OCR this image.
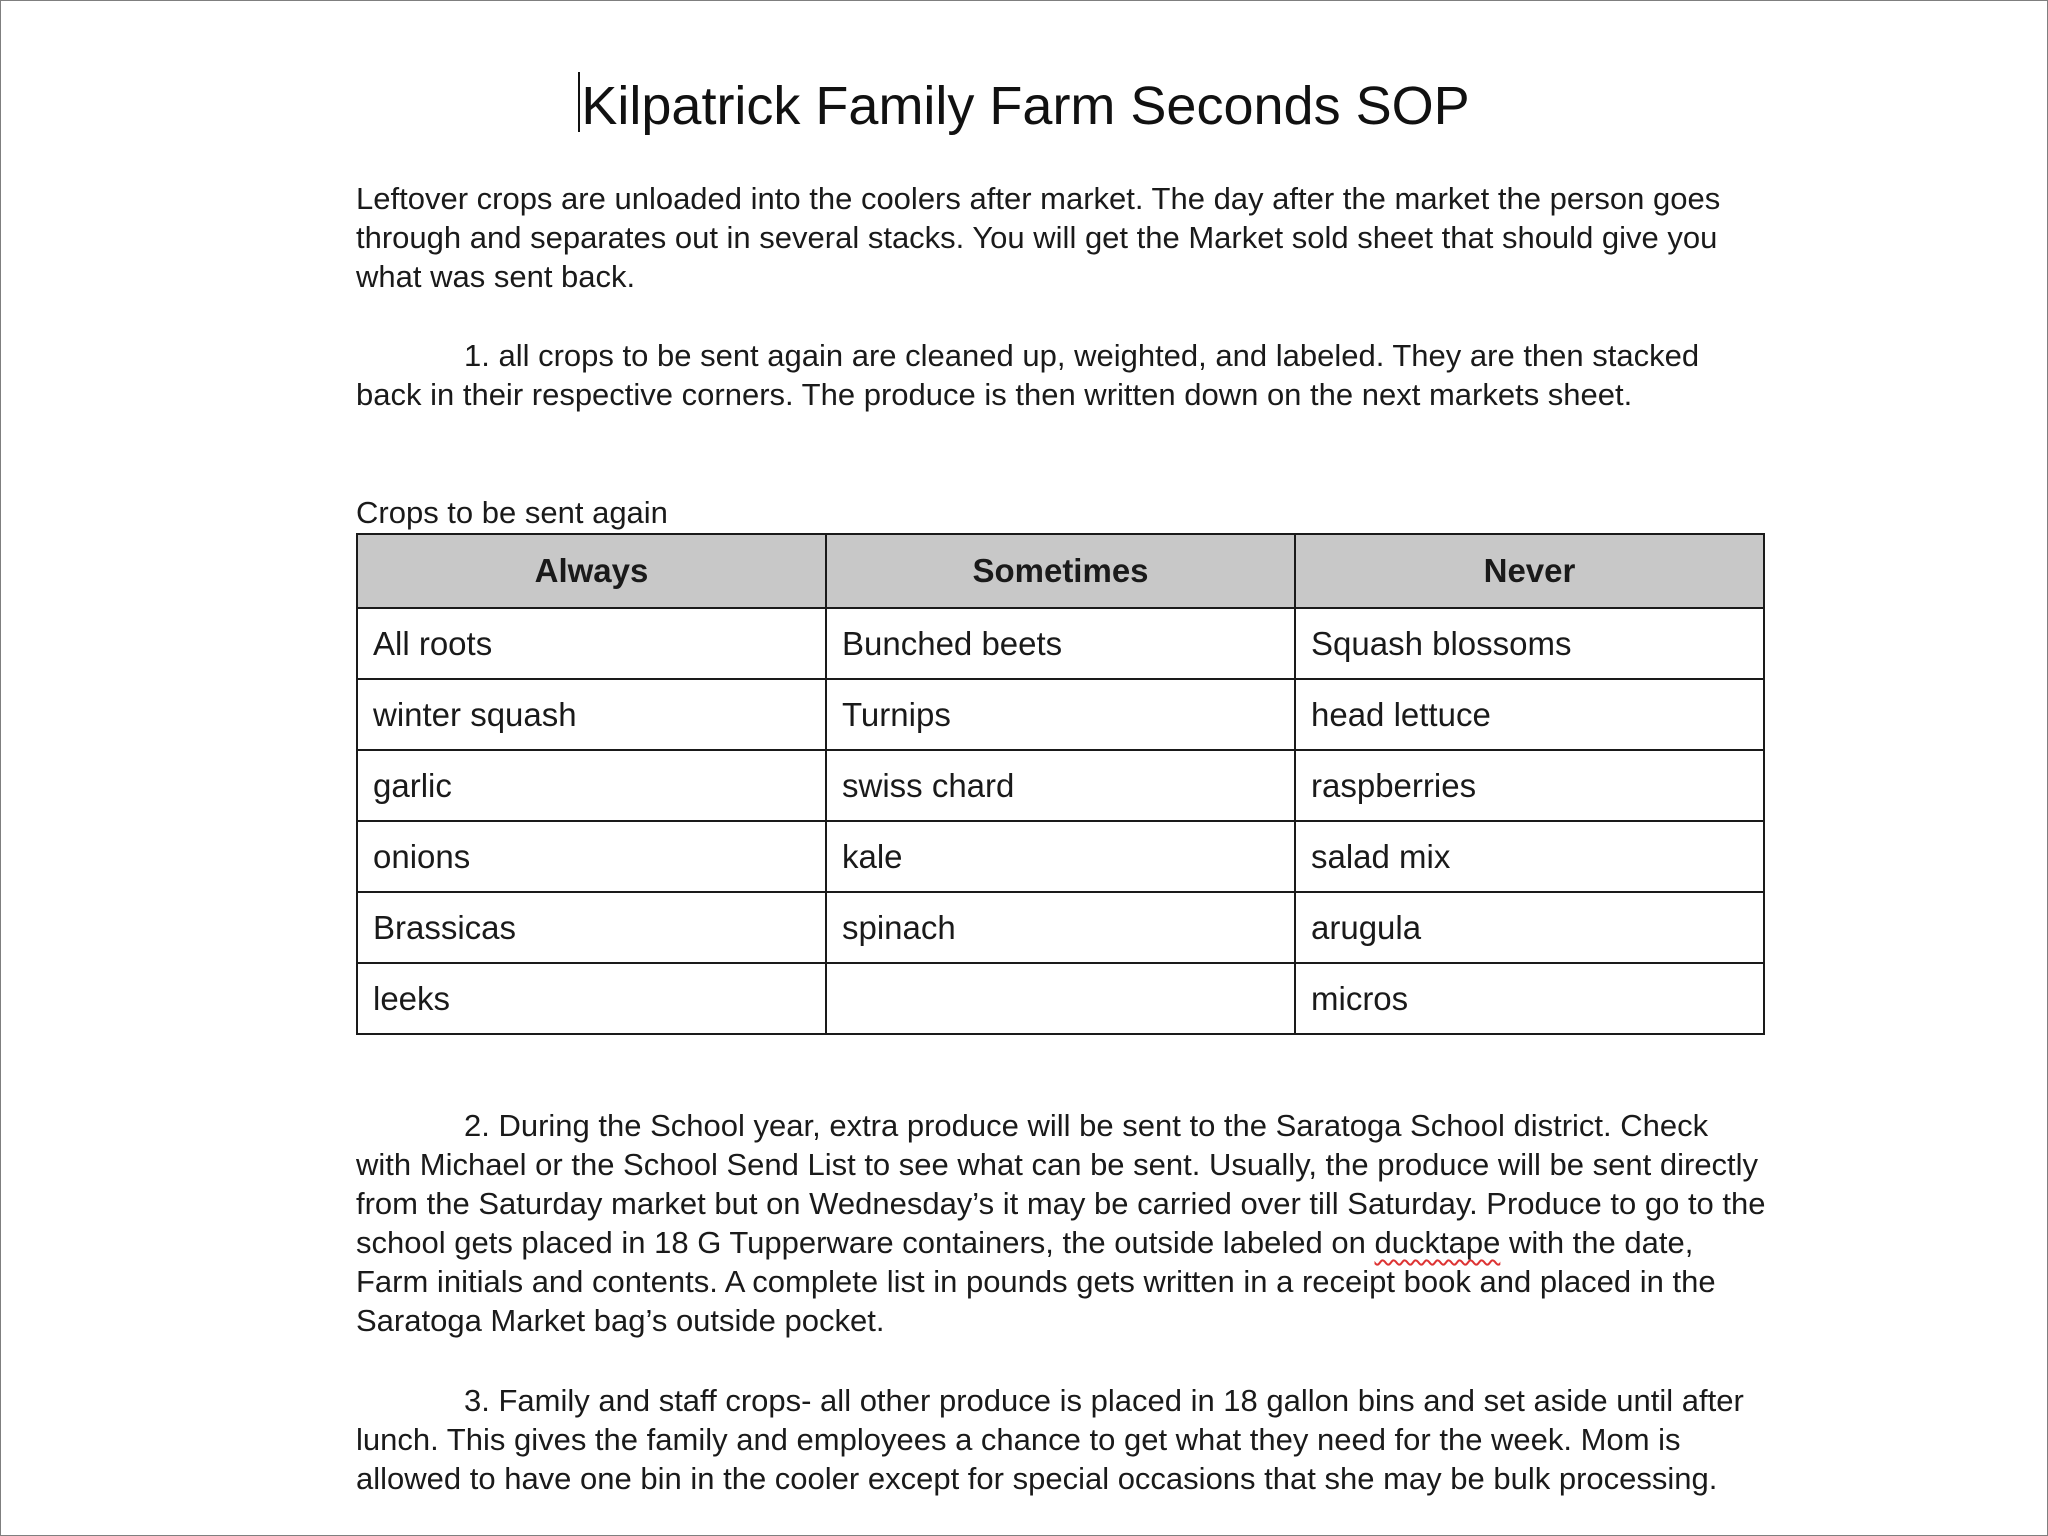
Kilpatrick Family Farm Seconds SOP

Leftover crops are unloaded into the coolers after market. The day after the market the person goes through and separates out in several stacks. You will get the Market sold sheet that should give you what was sent back.

1. all crops to be sent again are cleaned up, weighted, and labeled. They are then stacked back in their respective corners. The produce is then written down on the next markets sheet.

Crops to be sent again

Always	Sometimes	Never
All roots	Bunched beets	Squash blossoms
winter squash	Turnips	head lettuce
garlic	swiss chard	raspberries
onions	kale	salad mix
Brassicas	spinach	arugula
leeks		micros

2. During the School year, extra produce will be sent to the Saratoga School district. Check with Michael or the School Send List to see what can be sent. Usually, the produce will be sent directly from the Saturday market but on Wednesday’s it may be carried over till Saturday. Produce to go to the school gets placed in 18 G Tupperware containers, the outside labeled on ducktape with the date, Farm initials and contents. A complete list in pounds gets written in a receipt book and placed in the Saratoga Market bag’s outside pocket.

3. Family and staff crops- all other produce is placed in 18 gallon bins and set aside until after lunch. This gives the family and employees a chance to get what they need for the week. Mom is allowed to have one bin in the cooler except for special occasions that she may be bulk processing.
